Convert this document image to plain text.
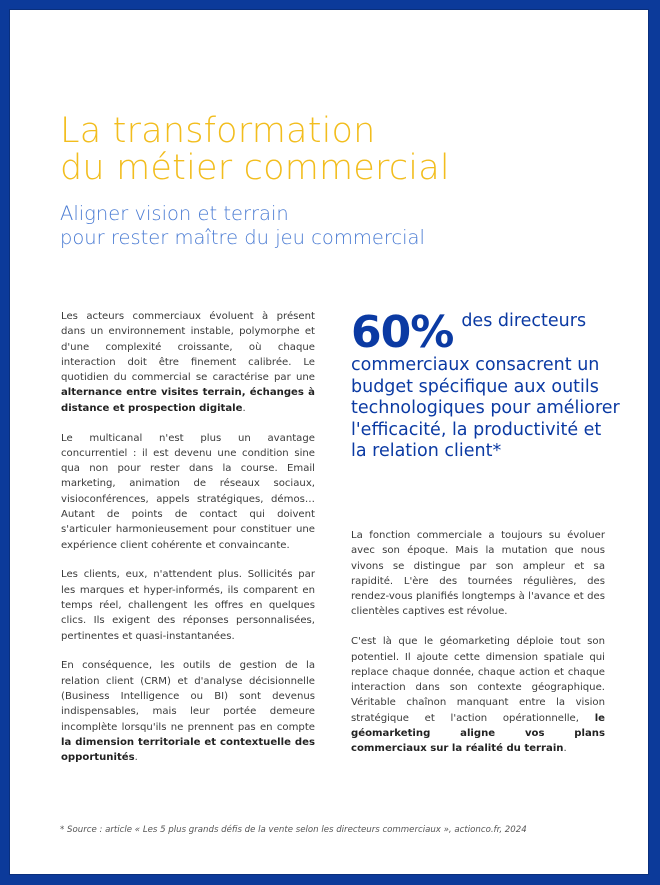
La transformation
du métier commercial
Aligner vision et terrain
pour rester maître du jeu commercial

Les acteurs commerciaux évoluent à présent dans un environnement instable, polymorphe et d'une complexité croissante, où chaque interaction doit être finement calibrée. Le quotidien du commercial se caractérise par une alternance entre visites terrain, échanges à distance et prospection digitale.

Le multicanal n'est plus un avantage concurrentiel : il est devenu une condition sine qua non pour rester dans la course. Email marketing, animation de réseaux sociaux, visioconférences, appels stratégiques, démos… Autant de points de contact qui doivent s'articuler harmonieusement pour constituer une expérience client cohérente et convaincante.

Les clients, eux, n'attendent plus. Sollicités par les marques et hyper-informés, ils comparent en temps réel, challengent les offres en quelques clics. Ils exigent des réponses personnalisées, pertinentes et quasi-instantanées.

En conséquence, les outils de gestion de la relation client (CRM) et d'analyse décisionnelle (Business Intelligence ou BI) sont devenus indispensables, mais leur portée demeure incomplète lorsqu'ils ne prennent pas en compte la dimension territoriale et contextuelle des opportunités.

60% des directeurs
commerciaux consacrent un budget spécifique aux outils technologiques pour améliorer l'efficacité, la productivité et la relation client*

La fonction commerciale a toujours su évoluer avec son époque. Mais la mutation que nous vivons se distingue par son ampleur et sa rapidité. L'ère des tournées régulières, des rendez-vous planifiés longtemps à l'avance et des clientèles captives est révolue.

C'est là que le géomarketing déploie tout son potentiel. Il ajoute cette dimension spatiale qui replace chaque donnée, chaque action et chaque interaction dans son contexte géographique. Véritable chaînon manquant entre la vision stratégique et l'action opérationnelle, le géomarketing aligne vos plans commerciaux sur la réalité du terrain.

* Source : article « Les 5 plus grands défis de la vente selon les directeurs commerciaux », actionco.fr, 2024
